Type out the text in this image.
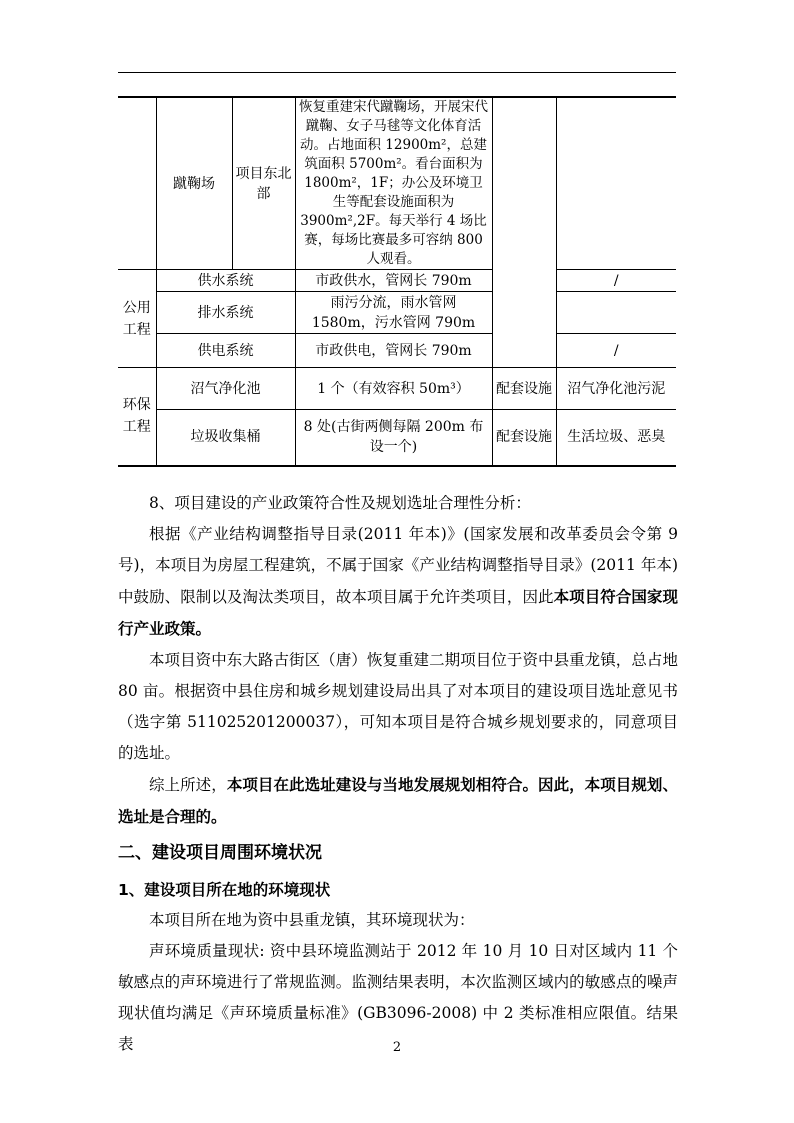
	蹴鞠场	项目东北部	恢复重建宋代蹴鞠场，开展宋代蹴鞠、女子马毬等文化体育活动。占地面积 12900m²，总建筑面积 5700m²。看台面积为 1800m²，1F；办公及环境卫生等配套设施面积为 3900m²,2F。每天举行 4 场比赛，每场比赛最多可容纳 800 人观看。		
公用工程	供水系统		市政供水，管网长 790m		/
	排水系统		雨污分流，雨水管网 1580m，污水管网 790m		
	供电系统		市政供电，管网长 790m		/
环保工程	沼气净化池		1 个（有效容积 50m³）	配套设施	沼气净化池污泥
	垃圾收集桶		8 处(古街两侧每隔 200m 布设一个)	配套设施	生活垃圾、恶臭

8、项目建设的产业政策符合性及规划选址合理性分析：

根据《产业结构调整指导目录(2011 年本)》(国家发展和改革委员会令第 9 号)，本项目为房屋工程建筑，不属于国家《产业结构调整指导目录》(2011 年本) 中鼓励、限制以及淘汰类项目，故本项目属于允许类项目，因此本项目符合国家现行产业政策。

本项目资中东大路古街区（唐）恢复重建二期项目位于资中县重龙镇，总占地 80 亩。根据资中县住房和城乡规划建设局出具了对本项目的建设项目选址意见书（选字第 511025201200037），可知本项目是符合城乡规划要求的，同意项目的选址。

综上所述，本项目在此选址建设与当地发展规划相符合。因此，本项目规划、选址是合理的。

二、建设项目周围环境状况
1、建设项目所在地的环境现状

本项目所在地为资中县重龙镇，其环境现状为：

声环境质量现状: 资中县环境监测站于 2012 年 10 月 10 日对区域内 11 个敏感点的声环境进行了常规监测。监测结果表明，本次监测区域内的敏感点的噪声现状值均满足《声环境质量标准》(GB3096-2008) 中 2 类标准相应限值。结果表	2
